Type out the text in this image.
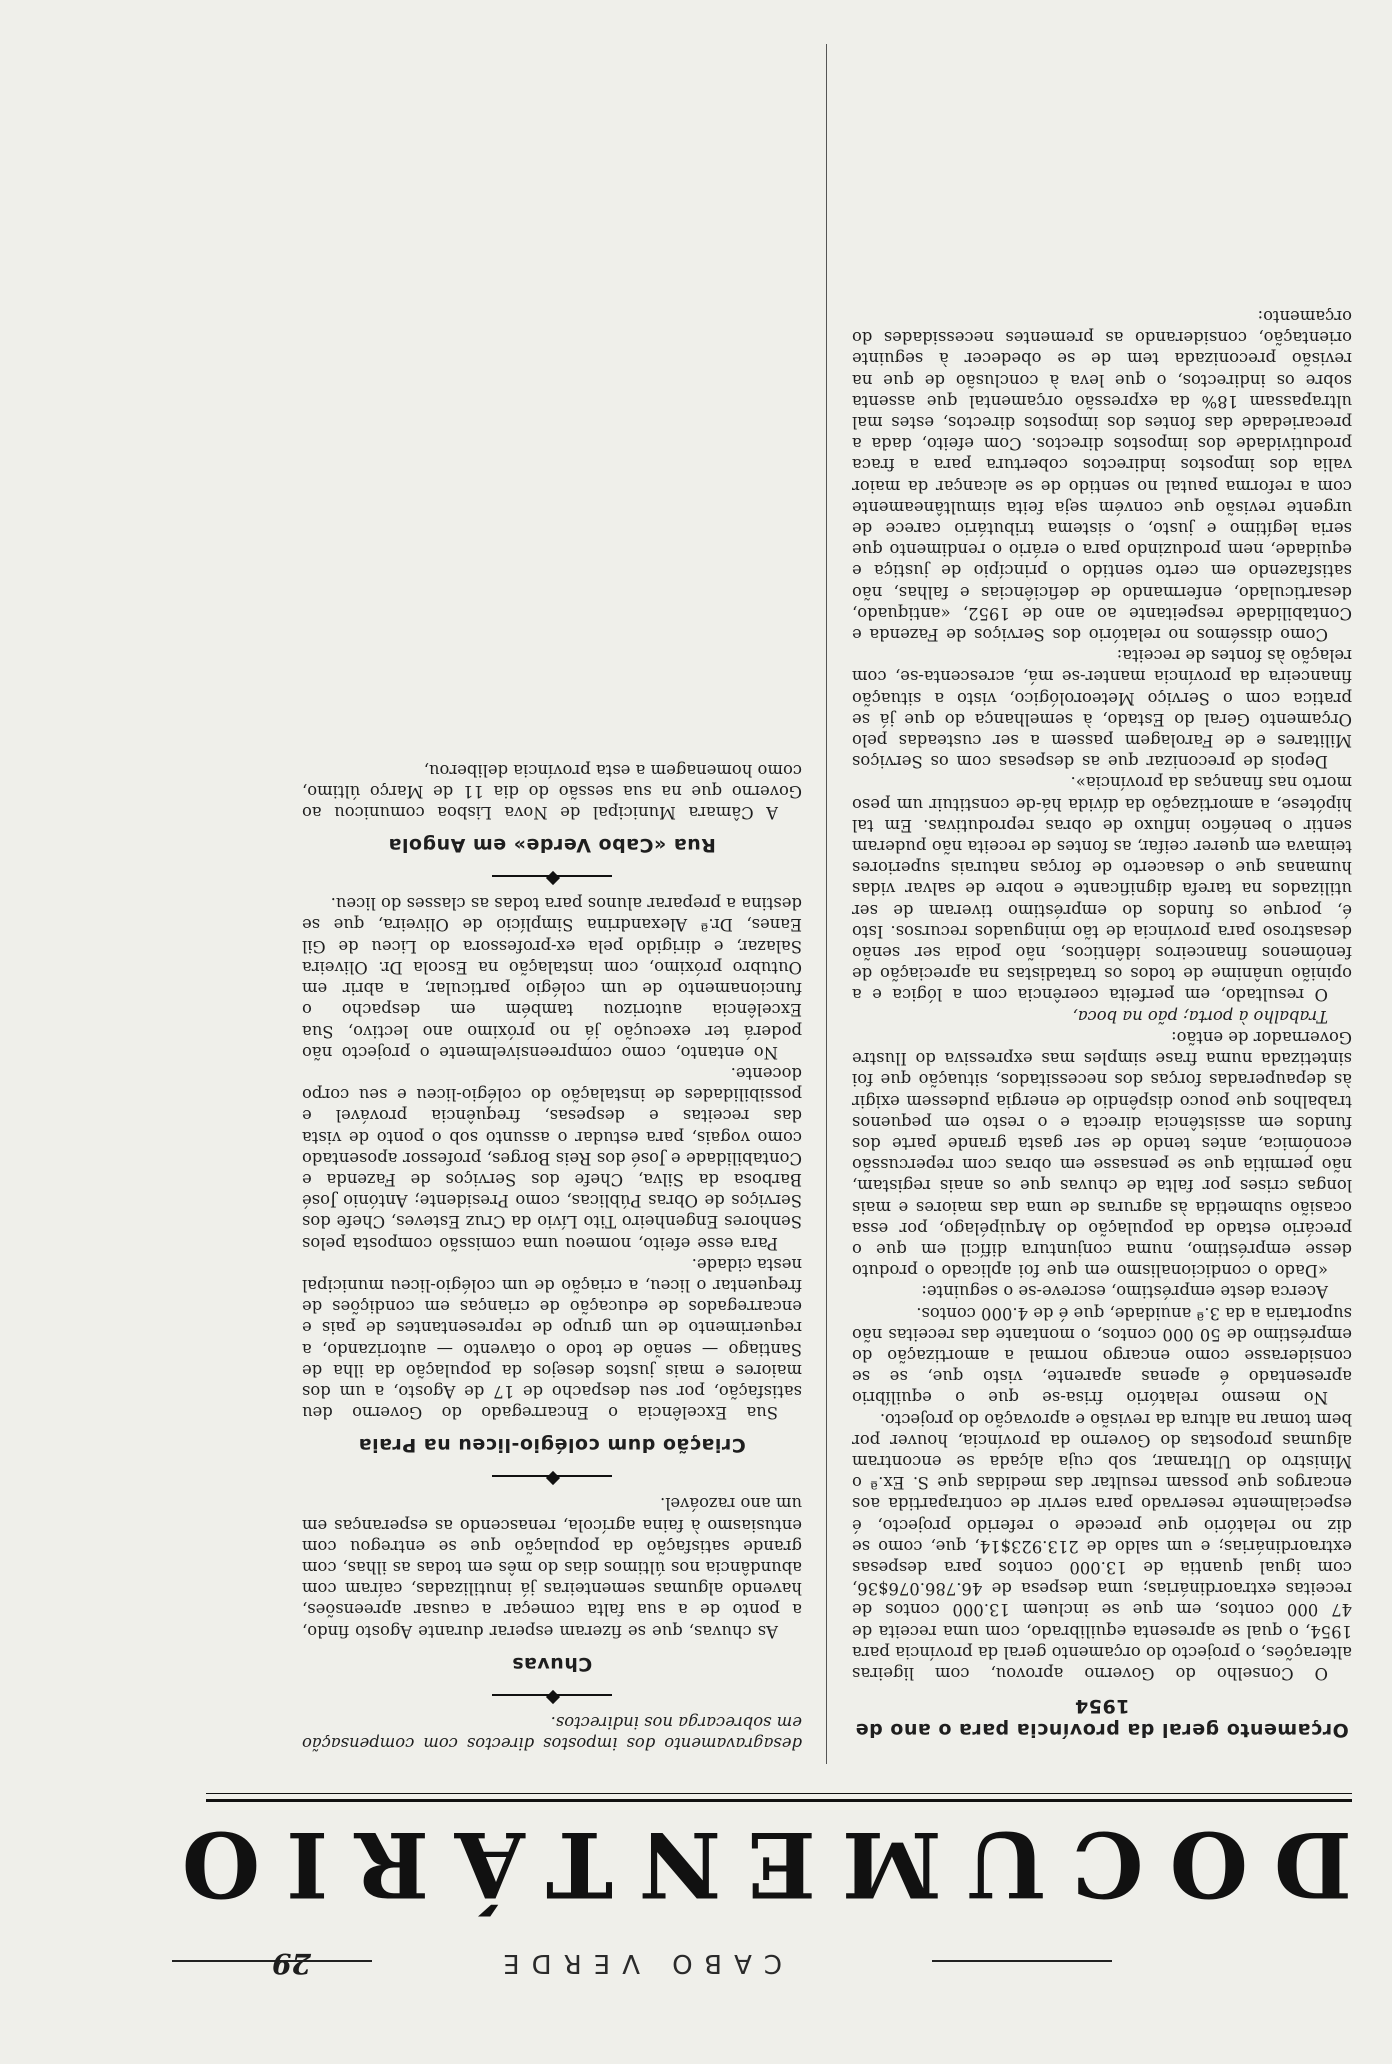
CABO VERDE
29
DOCUMENTÁRIO
Orçamento geral da província para o ano de 1954

O Conselho do Governo aprovou, com ligeiras alterações, o projecto do orçamento geral da província para 1954, o qual se apresenta equilibrado, com uma receita de 47 000 contos, em que se incluem 13.000 contos de receitas extraordinárias; uma despesa de 46.786.076$36, com igual quantia de 13.000 contos para despesas extraordinárias; e um saldo de 213.923$14, que, como se diz no relatório que precede o referido projecto, é especialmente reservado para servir de contrapartida aos encargos que possam resultar das medidas que S. Ex.ª o Ministro do Ultramar, sob cuja alçada se encontram algumas propostas do Governo da província, houver por bem tomar na altura da revisão e aprovação do projecto.

No mesmo relatório frisa-se que o equilíbrio apresentado é apenas aparente, visto que, se se considerasse como encargo normal a amortização do empréstimo de 50 000 contos, o montante das receitas não suportaria a da 3.ª anuidade, que é de 4.000 contos.

Acerca deste empréstimo, escreve-se o seguinte:

«Dado o condicionalismo em que foi aplicado o produto desse empréstimo, numa conjuntura difícil em que o precário estado da população do Arquipélago, por essa ocasião submetida às agruras de uma das maiores e mais longas crises por falta de chuvas que os anais registam, não permitia que se pensasse em obras com repercussão económica, antes tendo de ser gasta grande parte dos fundos em assistência directa e o resto em pequenos trabalhos que pouco dispêndio de energia pudessem exigir às depauperadas forças dos necessitados, situação que foi sintetizada numa frase simples mas expressiva do Ilustre Governador de então:

Trabalho à porta; pão na boca,

O resultado, em perfeita coerência com a lógica e a opinião unânime de todos os tratadistas na apreciação de fenómenos financeiros idênticos, não podia ser senão desastroso para província de tão minguados recursos. Isto é, porque os fundos do empréstimo tiveram de ser utilizados na tarefa dignificante e nobre de salvar vidas humanas que o desacerto de forças naturais superiores teimava em querer ceifar, as fontes de receita não puderam sentir o benéfico influxo de obras reprodutivas. Em tal hipótese, a amortização da dívida há-de constituir um peso morto nas finanças da província».

Depois de preconizar que as despesas com os Serviços Militares e de Farolagem passem a ser custeadas pelo Orçamento Geral do Estado, à semelhança do que já se pratica com o Serviço Meteorológico, visto a situação financeira da província manter-se má, acrescenta-se, com relação às fontes de receita:

Como dissémos no relatório dos Serviços de Fazenda e Contabilidade respeitante ao ano de 1952, «antiquado, desarticulado, enfermando de deficiências e falhas, não satisfazendo em certo sentido o princípio de justiça e equidade, nem produzindo para o erário o rendimento que seria legítimo e justo, o sistema tributário carece de urgente revisão que convém seja feita simultâneamente com a reforma pautal no sentido de se alcançar da maior valia dos impostos indirectos cobertura para a fraca produtividade dos impostos directos. Com efeito, dada a precariedade das fontes dos impostos directos, estes mal ultrapassam 18% da expressão orçamental que assenta sobre os indirectos, o que leva à conclusão de que na revisão preconizada tem de se obedecer à seguinte orientação, considerando as prementes necessidades do orçamento:

desagravamento dos impostos directos com compensação em sobrecarga nos indirectos.

Chuvas

As chuvas, que se fizeram esperar durante Agosto findo, a ponto de a sua falta começar a causar apreensões, havendo algumas sementeiras já inutilizadas, caíram com abundância nos últimos dias do mês em todas as ilhas, com grande satisfação da população que se entregou com entusiasmo à faina agrícola, renascendo as esperanças em um ano razoável.

Criação dum colégio-liceu na Praia

Sua Excelência o Encarregado do Governo deu satisfação, por seu despacho de 17 de Agosto, a um dos maiores e mais justos desejos da população da ilha de Santiago — senão de todo o otavento — autorizando, a requerimento de um grupo de representantes de pais e encarregados de educação de crianças em condições de frequentar o liceu, a criação de um colégio-liceu municipal nesta cidade.

Para esse efeito, nomeou uma comissão composta pelos Senhores Engenheiro Tito Lívio da Cruz Esteves, Chefe dos Serviços de Obras Públicas, como Presidente; António José Barbosa da Silva, Chefe dos Serviços de Fazenda e Contabilidade e José dos Reis Borges, professor aposentado como vogais, para estudar o assunto sob o ponto de vista das receitas e despesas, frequência provável e possibilidades de instalação do colégio-liceu e seu corpo docente.

No entanto, como compreensivelmente o projecto não poderá ter execução já no próximo ano lectivo, Sua Excelência autorizou também em despacho o funcionamento de um colégio particular, a abrir em Outubro próximo, com instalação na Escola Dr. Oliveira Salazar, e dirigido pela ex-professora do Liceu de Gil Eanes, Dr.ª Alexandrina Simplício de Oliveira, que se destina a preparar alunos para todas as classes do liceu.

Rua «Cabo Verde» em Angola

A Câmara Municipal de Nova Lisboa comunicou ao Governo que na sua sessão do dia 11 de Março último, como homenagem a esta província deliberou,
